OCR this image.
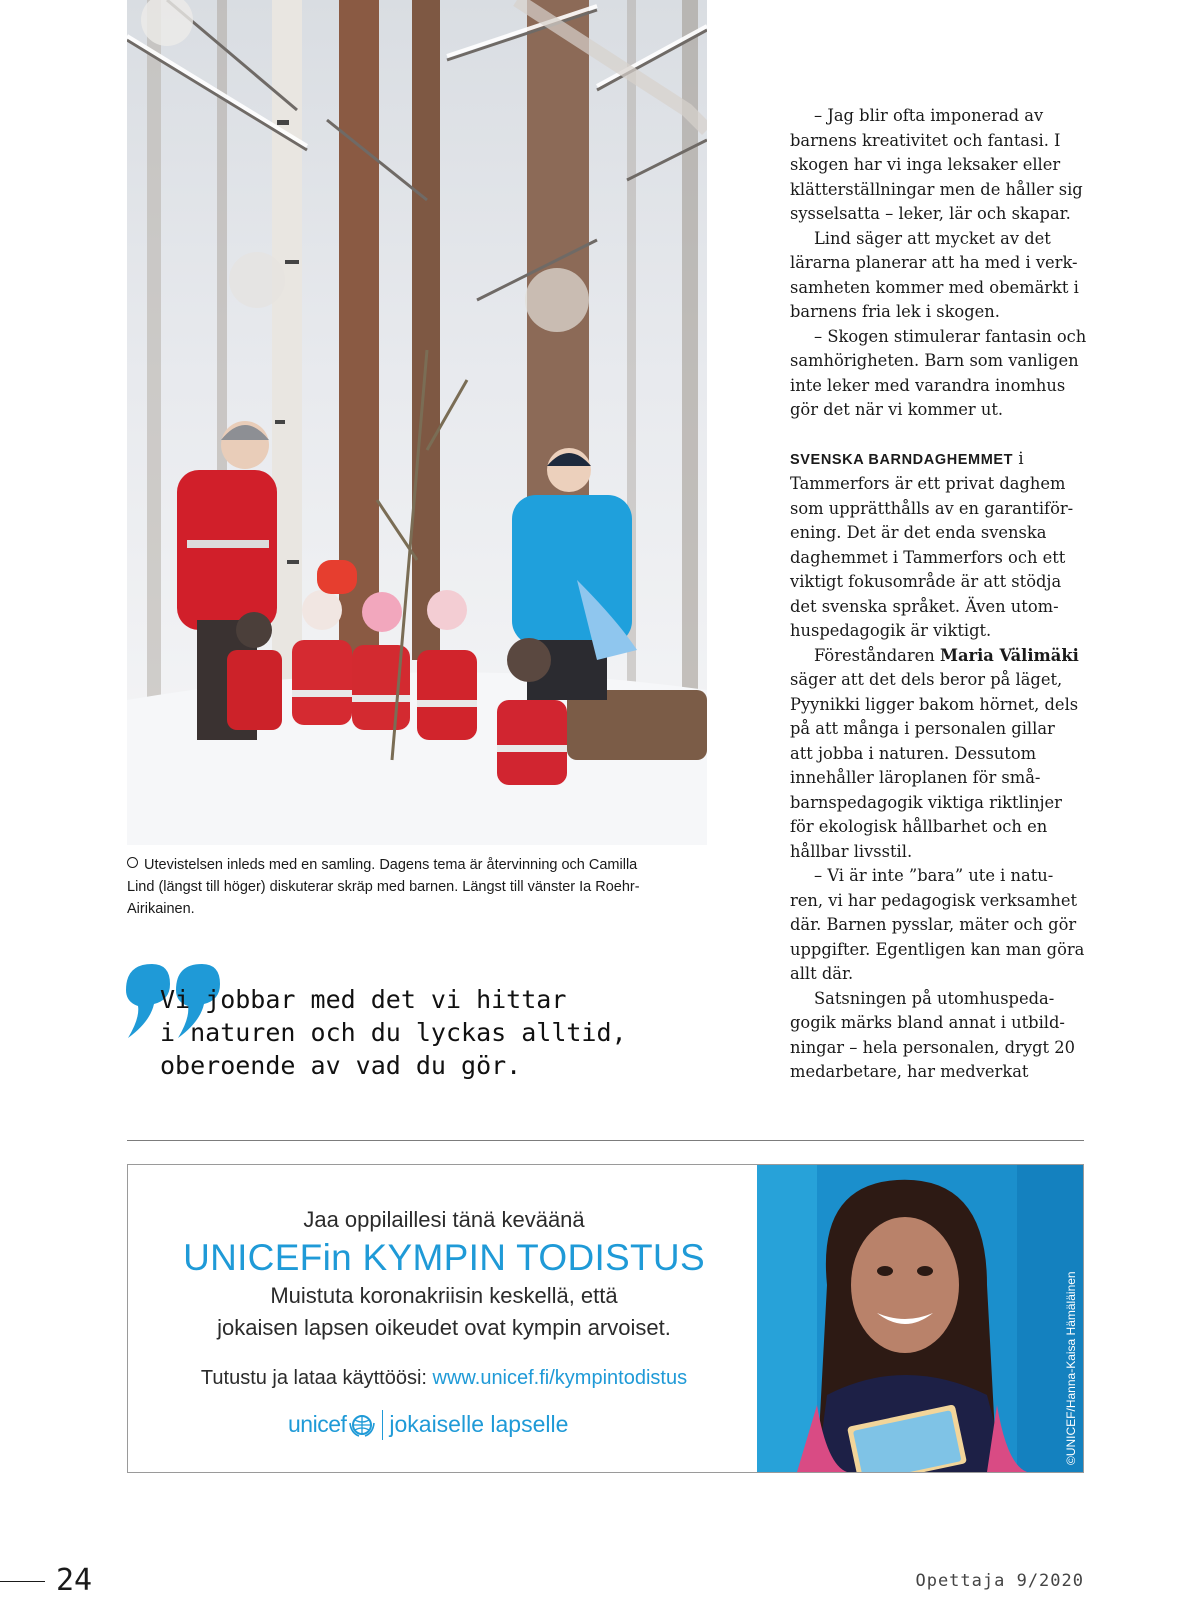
Utevistelsen inleds med en samling. Dagens tema är återvinning och Camilla
Lind (längst till höger) diskuterar skräp med barnen. Längst till vänster Ia Roehr-
Airikainen.
Vi jobbar med det vi hittar
i naturen och du lyckas alltid,
oberoende av vad du gör.

– Jag blir ofta imponerad av

barnens kreativitet och fantasi. I

skogen har vi inga leksaker eller

klätterställningar men de håller sig

sysselsatta – leker, lär och skapar.

Lind säger att mycket av det

lärarna planerar att ha med i verk-

samheten kommer med obemärkt i

barnens fria lek i skogen.

– Skogen stimulerar fantasin och

samhörigheten. Barn som vanligen

inte leker med varandra inomhus

gör det när vi kommer ut.

SVENSKA BARNDAGHEMMET i

Tammerfors är ett privat daghem

som upprätthålls av en garantiför-

ening. Det är det enda svenska

daghemmet i Tammerfors och ett

viktigt fokusområde är att stödja

det svenska språket. Även utom-

huspedagogik är viktigt.

Föreståndaren Maria Välimäki

säger att det dels beror på läget,

Pyynikki ligger bakom hörnet, dels

på att många i personalen gillar

att jobba i naturen. Dessutom

innehåller läroplanen för små-

barnspedagogik viktiga riktlinjer

för ekologisk hållbarhet och en

hållbar livsstil.

– Vi är inte ”bara” ute i natu-

ren, vi har pedagogisk verksamhet

där. Barnen pysslar, mäter och gör

uppgifter. Egentligen kan man göra

allt där.

Satsningen på utomhuspeda-

gogik märks bland annat i utbild-

ningar – hela personalen, drygt 20

medarbetare, har medverkat

Jaa oppilaillesi tänä keväänä
UNICEFin KYMPIN TODISTUS
Muistuta koronakriisin keskellä, että
jokaisen lapsen oikeudet ovat kympin arvoiset.
Tutustu ja lataa käyttöösi: www.unicef.fi/kympintodistus
unicef jokaiselle lapselle	©UNICEF/Hanna-Kaisa Hämäläinen
24	Opettaja 9/2020
